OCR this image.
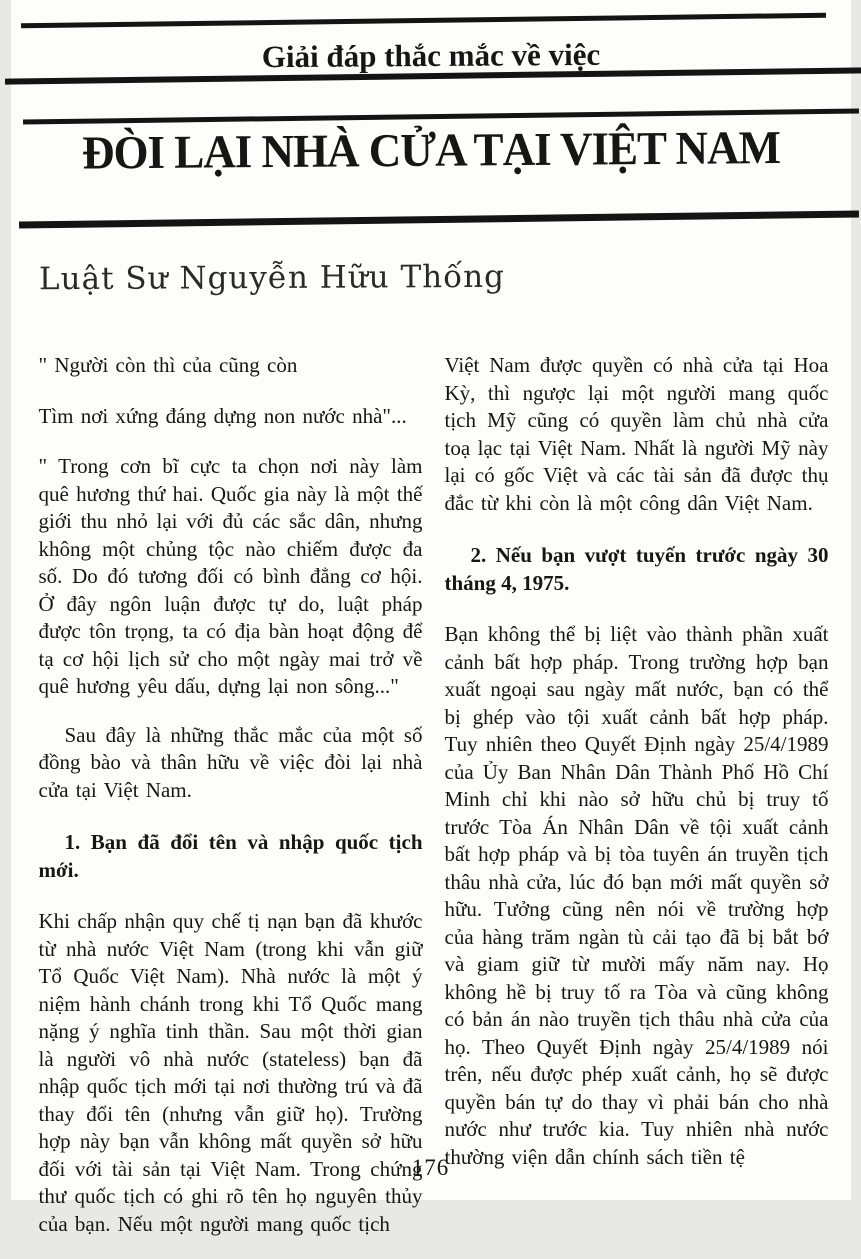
Giải đáp thắc mắc về việc
ĐÒI LẠI NHÀ CỬA TẠI VIỆT NAM
Luật Sư Nguyễn Hữu Thống

" Người còn thì của cũng còn

Tìm nơi xứng đáng dựng non nước nhà"...

" Trong cơn bĩ cực ta chọn nơi này làm quê hương thứ hai. Quốc gia này là một thế giới thu nhỏ lại với đủ các sắc dân, nhưng không một chủng tộc nào chiếm được đa số. Do đó tương đối có bình đẳng cơ hội. Ở đây ngôn luận được tự do, luật pháp được tôn trọng, ta có địa bàn hoạt động để tạ cơ hội lịch sử cho một ngày mai trở về quê hương yêu dấu, dựng lại non sông..."

Sau đây là những thắc mắc của một số đồng bào và thân hữu về việc đòi lại nhà cửa tại Việt Nam.

1. Bạn đã đổi tên và nhập quốc tịch mới.

Khi chấp nhận quy chế tị nạn bạn đã khước từ nhà nước Việt Nam (trong khi vẫn giữ Tổ Quốc Việt Nam). Nhà nước là một ý niệm hành chánh trong khi Tổ Quốc mang nặng ý nghĩa tinh thần. Sau một thời gian là người vô nhà nước (stateless) bạn đã nhập quốc tịch mới tại nơi thường trú và đã thay đổi tên (nhưng vẫn giữ họ). Trường hợp này bạn vẫn không mất quyền sở hữu đối với tài sản tại Việt Nam. Trong chứng thư quốc tịch có ghi rõ tên họ nguyên thủy của bạn. Nếu một người mang quốc tịch

Việt Nam được quyền có nhà cửa tại Hoa Kỳ, thì ngược lại một người mang quốc tịch Mỹ cũng có quyền làm chủ nhà cửa toạ lạc tại Việt Nam. Nhất là người Mỹ này lại có gốc Việt và các tài sản đã được thụ đắc từ khi còn là một công dân Việt Nam.

2. Nếu bạn vượt tuyến trước ngày 30 tháng 4, 1975.

Bạn không thể bị liệt vào thành phần xuất cảnh bất hợp pháp. Trong trường hợp bạn xuất ngoại sau ngày mất nước, bạn có thể bị ghép vào tội xuất cảnh bất hợp pháp. Tuy nhiên theo Quyết Định ngày 25/4/1989 của Ủy Ban Nhân Dân Thành Phố Hồ Chí Minh chỉ khi nào sở hữu chủ bị truy tố trước Tòa Án Nhân Dân về tội xuất cảnh bất hợp pháp và bị tòa tuyên án truyền tịch thâu nhà cửa, lúc đó bạn mới mất quyền sở hữu. Tưởng cũng nên nói về trường hợp của hàng trăm ngàn tù cải tạo đã bị bắt bớ và giam giữ từ mười mấy năm nay. Họ không hề bị truy tố ra Tòa và cũng không có bản án nào truyền tịch thâu nhà cửa của họ. Theo Quyết Định ngày 25/4/1989 nói trên, nếu được phép xuất cảnh, họ sẽ được quyền bán tự do thay vì phải bán cho nhà nước như trước kia. Tuy nhiên nhà nước thường viện dẫn chính sách tiền tệ

176
